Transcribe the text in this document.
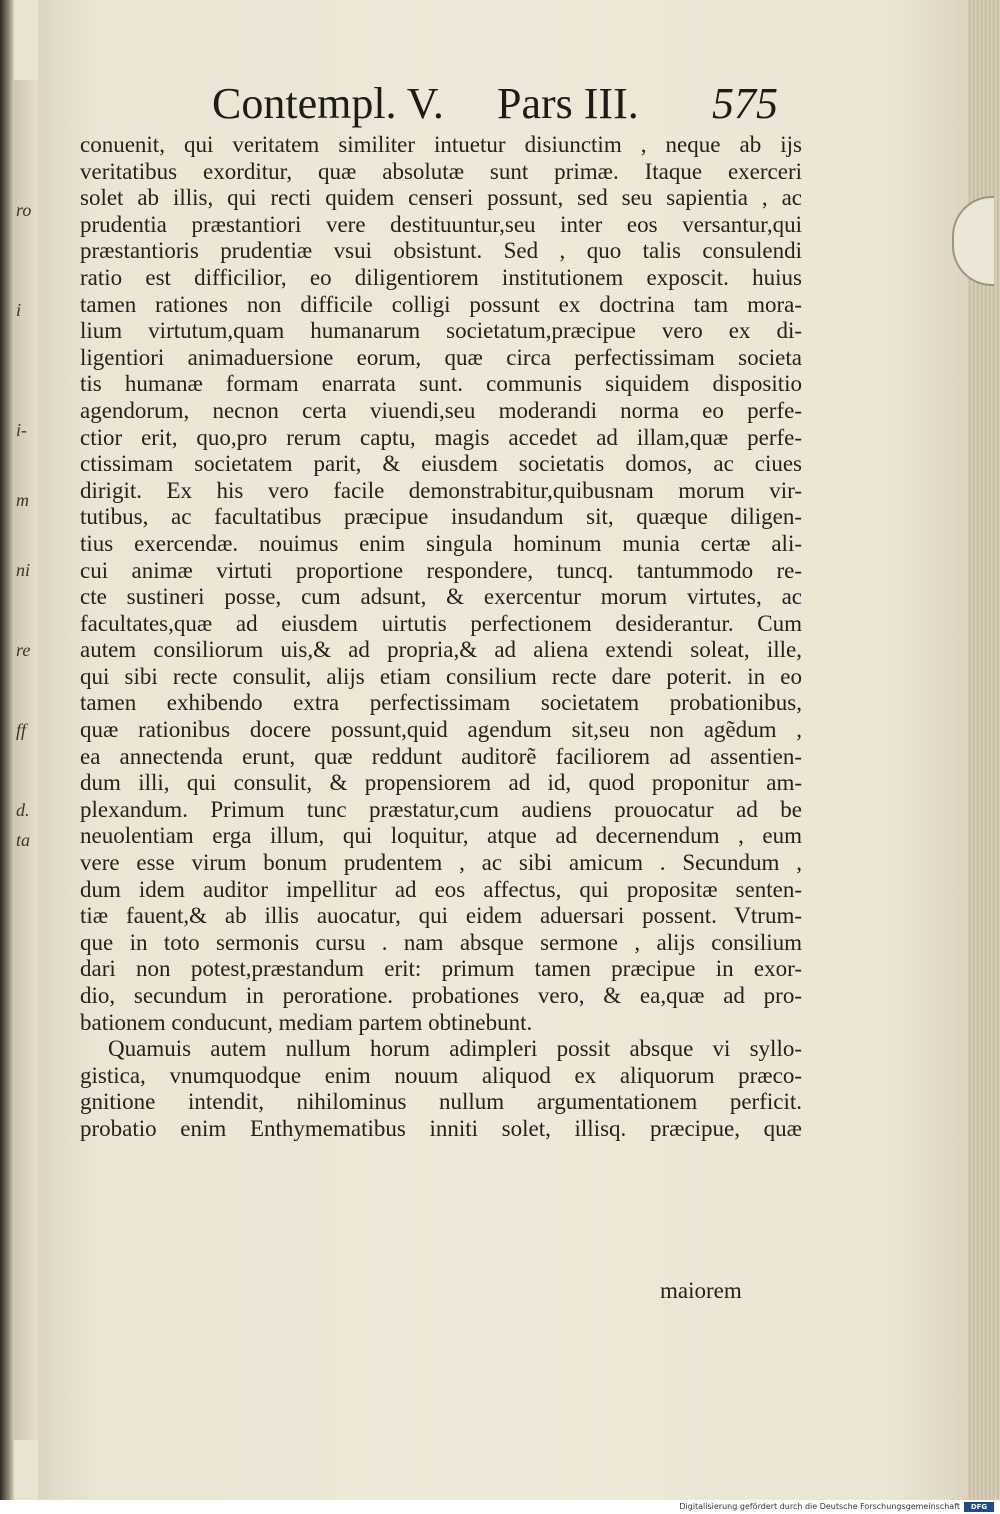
ro
i
i-
m
ni
re
ff
d.
ta
Contempl. V. Pars III. 575
conuenit, qui veritatem similiter intuetur disiunctim , neque ab ijs
veritatibus exorditur, quæ absolutæ sunt primæ. Itaque exerceri
solet ab illis, qui recti quidem censeri possunt, sed seu sapientia , ac
prudentia præstantiori vere destituuntur,seu inter eos versantur,qui
præstantioris prudentiæ vsui obsistunt. Sed , quo talis consulendi
ratio est difficilior, eo diligentiorem institutionem exposcit. huius
tamen rationes non difficile colligi possunt ex doctrina tam mora-
lium virtutum,quam humanarum societatum,præcipue vero ex di-
ligentiori animaduersione eorum, quæ circa perfectissimam societa
tis humanæ formam enarrata sunt. communis siquidem dispositio
agendorum, necnon certa viuendi,seu moderandi norma eo perfe-
ctior erit, quo,pro rerum captu, magis accedet ad illam,quæ perfe-
ctissimam societatem parit, & eiusdem societatis domos, ac ciues
dirigit. Ex his vero facile demonstrabitur,quibusnam morum vir-
tutibus, ac facultatibus præcipue insudandum sit, quæque diligen-
tius exercendæ. nouimus enim singula hominum munia certæ ali-
cui animæ virtuti proportione respondere, tuncq. tantummodo re-
cte sustineri posse, cum adsunt, & exercentur morum virtutes, ac
facultates,quæ ad eiusdem uirtutis perfectionem desiderantur. Cum
autem consiliorum uis,& ad propria,& ad aliena extendi soleat, ille,
qui sibi recte consulit, alijs etiam consilium recte dare poterit. in eo
tamen exhibendo extra perfectissimam societatem probationibus,
quæ rationibus docere possunt,quid agendum sit,seu non agẽdum ,
ea annectenda erunt, quæ reddunt auditorẽ faciliorem ad assentien-
dum illi, qui consulit, & propensiorem ad id, quod proponitur am-
plexandum. Primum tunc præstatur,cum audiens prouocatur ad be
neuolentiam erga illum, qui loquitur, atque ad decernendum , eum
vere esse virum bonum prudentem , ac sibi amicum . Secundum ,
dum idem auditor impellitur ad eos affectus, qui propositæ senten-
tiæ fauent,& ab illis auocatur, qui eidem aduersari possent. Vtrum-
que in toto sermonis cursu . nam absque sermone , alijs consilium
dari non potest,præstandum erit: primum tamen præcipue in exor-
dio, secundum in peroratione. probationes vero, & ea,quæ ad pro-
bationem conducunt, mediam partem obtinebunt.
Quamuis autem nullum horum adimpleri possit absque vi syllo-
gistica, vnumquodque enim nouum aliquod ex aliquorum præco-
gnitione intendit, nihilominus nullum argumentationem perficit.
probatio enim Enthymematibus inniti solet, illisq. præcipue, quæ
maiorem
Digitalisierung gefördert durch die Deutsche Forschungsgemeinschaft	DFG
